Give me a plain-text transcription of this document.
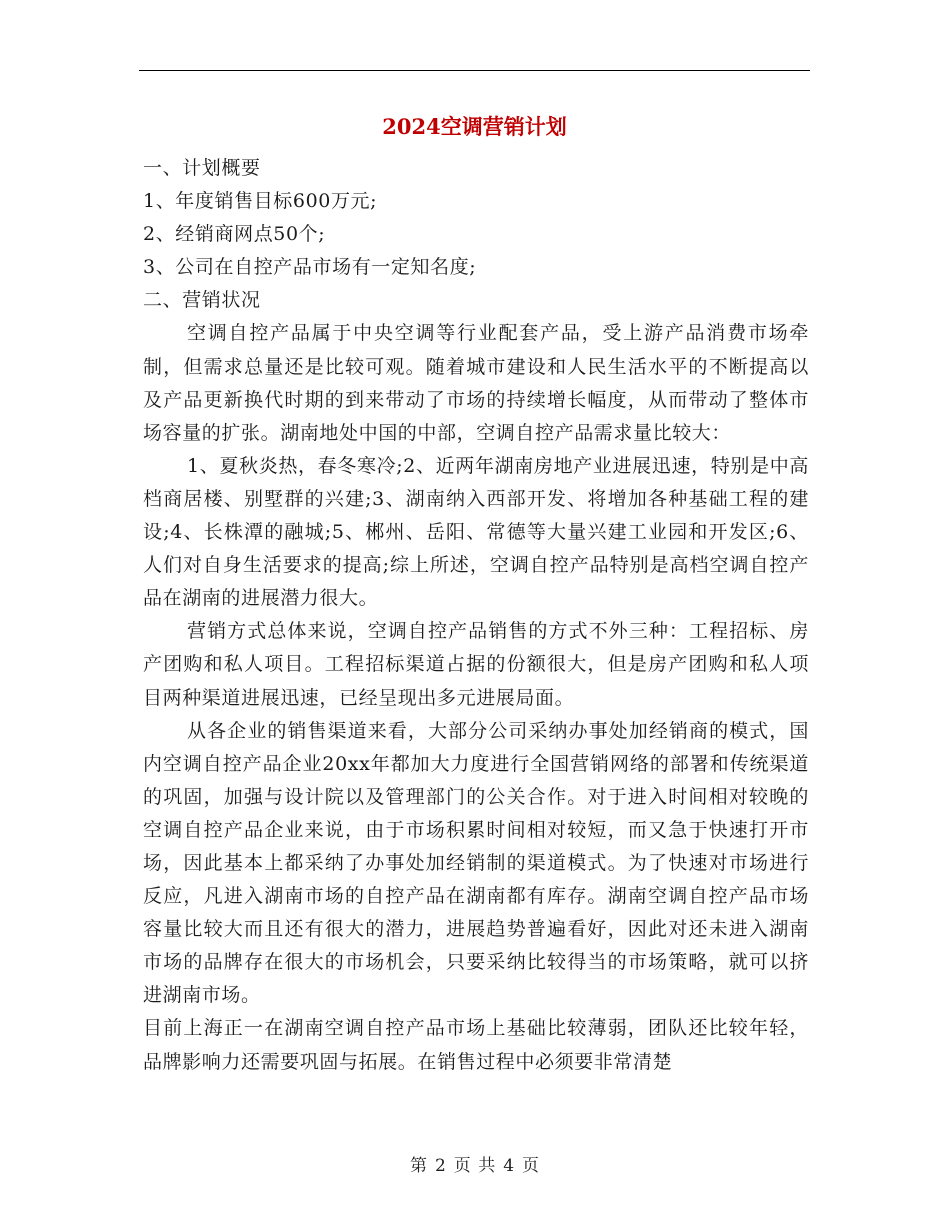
2024空调营销计划

一、计划概要

1、年度销售目标600万元;

2、经销商网点50个;

3、公司在自控产品市场有一定知名度;

二、营销状况

空调自控产品属于中央空调等行业配套产品，受上游产品消费市场牵制，但需求总量还是比较可观。随着城市建设和人民生活水平的不断提高以及产品更新换代时期的到来带动了市场的持续增长幅度，从而带动了整体市场容量的扩张。湖南地处中国的中部，空调自控产品需求量比较大：

1、夏秋炎热，春冬寒冷;2、近两年湖南房地产业进展迅速，特别是中高档商居楼、别墅群的兴建;3、湖南纳入西部开发、将增加各种基础工程的建设;4、长株潭的融城;5、郴州、岳阳、常德等大量兴建工业园和开发区;6、人们对自身生活要求的提高;综上所述，空调自控产品特别是高档空调自控产品在湖南的进展潜力很大。

营销方式总体来说，空调自控产品销售的方式不外三种：工程招标、房产团购和私人项目。工程招标渠道占据的份额很大，但是房产团购和私人项目两种渠道进展迅速，已经呈现出多元进展局面。

从各企业的销售渠道来看，大部分公司采纳办事处加经销商的模式，国内空调自控产品企业20xx年都加大力度进行全国营销网络的部署和传统渠道的巩固，加强与设计院以及管理部门的公关合作。对于进入时间相对较晚的空调自控产品企业来说，由于市场积累时间相对较短，而又急于快速打开市场，因此基本上都采纳了办事处加经销制的渠道模式。为了快速对市场进行反应，凡进入湖南市场的自控产品在湖南都有库存。湖南空调自控产品市场容量比较大而且还有很大的潜力，进展趋势普遍看好，因此对还未进入湖南市场的品牌存在很大的市场机会，只要采纳比较得当的市场策略，就可以挤进湖南市场。

目前上海正一在湖南空调自控产品市场上基础比较薄弱，团队还比较年轻，品牌影响力还需要巩固与拓展。在销售过程中必须要非常清楚

第 2 页 共 4 页
